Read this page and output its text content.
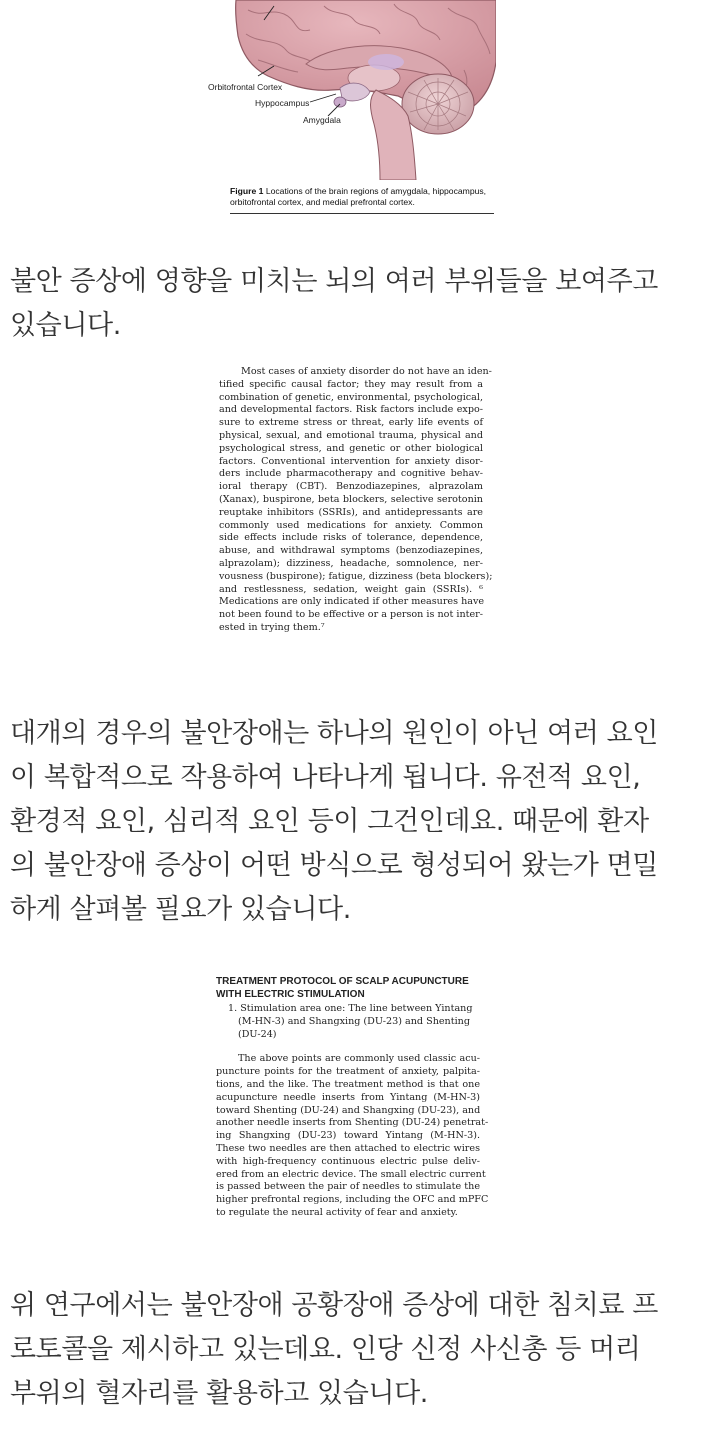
Orbitofrontal Cortex
Hyppocampus
Amygdala
Figure 1 Locations of the brain regions of amygdala, hippocampus,
orbitofrontal cortex, and medial prefrontal cortex.

불안 증상에 영향을 미치는 뇌의 여러 부위들을 보여주고
있습니다.

Most cases of anxiety disorder do not have an iden-
tified specific causal factor; they may result from a
combination of genetic, environmental, psychological,
and developmental factors. Risk factors include expo-
sure to extreme stress or threat, early life events of
physical, sexual, and emotional trauma, physical and
psychological stress, and genetic or other biological
factors. Conventional intervention for anxiety disor-
ders include pharmacotherapy and cognitive behav-
ioral therapy (CBT). Benzodiazepines, alprazolam
(Xanax), buspirone, beta blockers, selective serotonin
reuptake inhibitors (SSRIs), and antidepressants are
commonly used medications for anxiety. Common
side effects include risks of tolerance, dependence,
abuse, and withdrawal symptoms (benzodiazepines,
alprazolam); dizziness, headache, somnolence, ner-
vousness (buspirone); fatigue, dizziness (beta blockers);
and restlessness, sedation, weight gain (SSRIs). ⁶
Medications are only indicated if other measures have
not been found to be effective or a person is not inter-
ested in trying them.⁷

대개의 경우의 불안장애는 하나의 원인이 아닌 여러 요인
이 복합적으로 작용하여 나타나게 됩니다. 유전적 요인,
환경적 요인, 심리적 요인 등이 그건인데요. 때문에 환자
의 불안장애 증상이 어떤 방식으로 형성되어 왔는가 면밀
하게 살펴볼 필요가 있습니다.

TREATMENT PROTOCOL OF SCALP ACUPUNCTURE
WITH ELECTRIC STIMULATION

1. Stimulation area one: The line between Yintang
(M-HN-3) and Shangxing (DU-23) and Shenting
(DU-24)

The above points are commonly used classic acu-
puncture points for the treatment of anxiety, palpita-
tions, and the like. The treatment method is that one
acupuncture needle inserts from Yintang (M-HN-3)
toward Shenting (DU-24) and Shangxing (DU-23), and
another needle inserts from Shenting (DU-24) penetrat-
ing Shangxing (DU-23) toward Yintang (M-HN-3).
These two needles are then attached to electric wires
with high-frequency continuous electric pulse deliv-
ered from an electric device. The small electric current
is passed between the pair of needles to stimulate the
higher prefrontal regions, including the OFC and mPFC
to regulate the neural activity of fear and anxiety.

위 연구에서는 불안장애 공황장애 증상에 대한 침치료 프
로토콜을 제시하고 있는데요. 인당 신정 사신총 등 머리
부위의 혈자리를 활용하고 있습니다.
